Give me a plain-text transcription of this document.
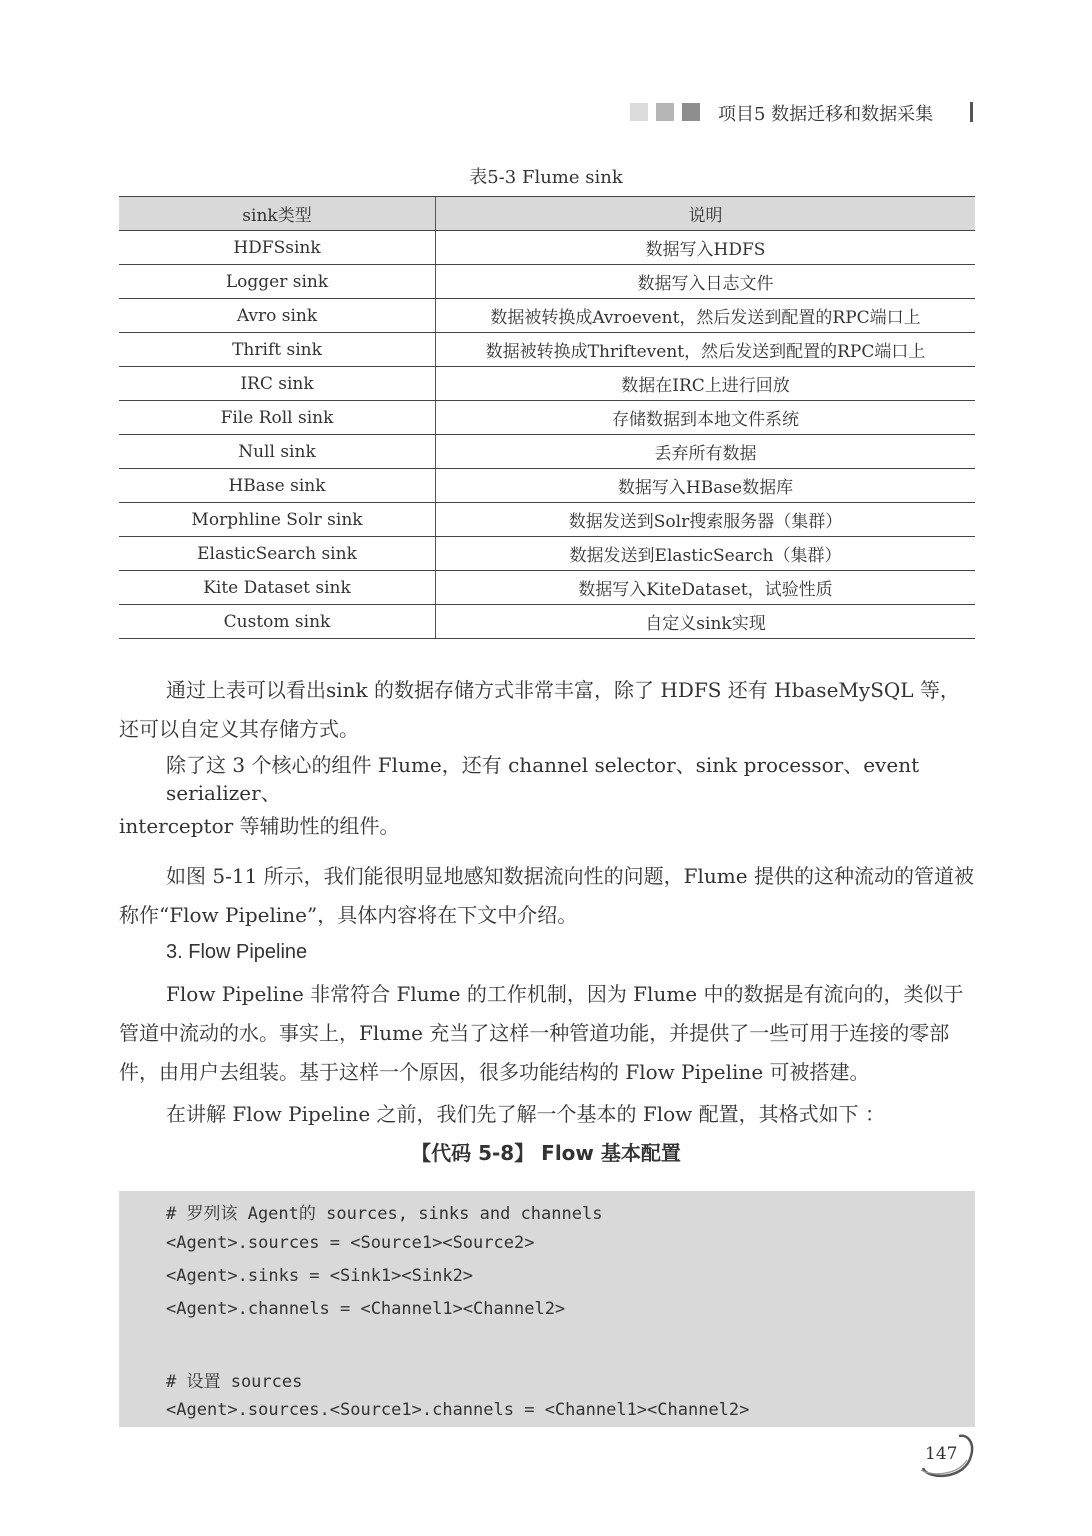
项目5 数据迁移和数据采集
表5-3 Flume sink
sink类型	说明
HDFSsink	数据写入HDFS
Logger sink	数据写入日志文件
Avro sink	数据被转换成Avroevent，然后发送到配置的RPC端口上
Thrift sink	数据被转换成Thriftevent，然后发送到配置的RPC端口上
IRC sink	数据在IRC上进行回放
File Roll sink	存储数据到本地文件系统
Null sink	丢弃所有数据
HBase sink	数据写入HBase数据库
Morphline Solr sink	数据发送到Solr搜索服务器（集群）
ElasticSearch sink	数据发送到ElasticSearch（集群）
Kite Dataset sink	数据写入KiteDataset，试验性质
Custom sink	自定义sink实现

通过上表可以看出sink 的数据存储方式非常丰富，除了 HDFS 还有 HbaseMySQL 等，还可以自定义其存储方式。

除了这 3 个核心的组件 Flume，还有 channel selector、sink processor、event serializer、

interceptor 等辅助性的组件。

如图 5-11 所示，我们能很明显地感知数据流向性的问题，Flume 提供的这种流动的管道被称作“Flow Pipeline”，具体内容将在下文中介绍。

3. Flow Pipeline

Flow Pipeline 非常符合 Flume 的工作机制，因为 Flume 中的数据是有流向的，类似于管道中流动的水。事实上，Flume 充当了这样一种管道功能，并提供了一些可用于连接的零部件，由用户去组装。基于这样一个原因，很多功能结构的 Flow Pipeline 可被搭建。

在讲解 Flow Pipeline 之前，我们先了解一个基本的 Flow 配置，其格式如下 ：

【代码 5-8】 Flow 基本配置
# 罗列该 Agent的 sources, sinks and channels
<Agent>.sources = <Source1><Source2>
<Agent>.sinks = <Sink1><Sink2>
<Agent>.channels = <Channel1><Channel2>
# 设置 sources
<Agent>.sources.<Source1>.channels = <Channel1><Channel2>
147
